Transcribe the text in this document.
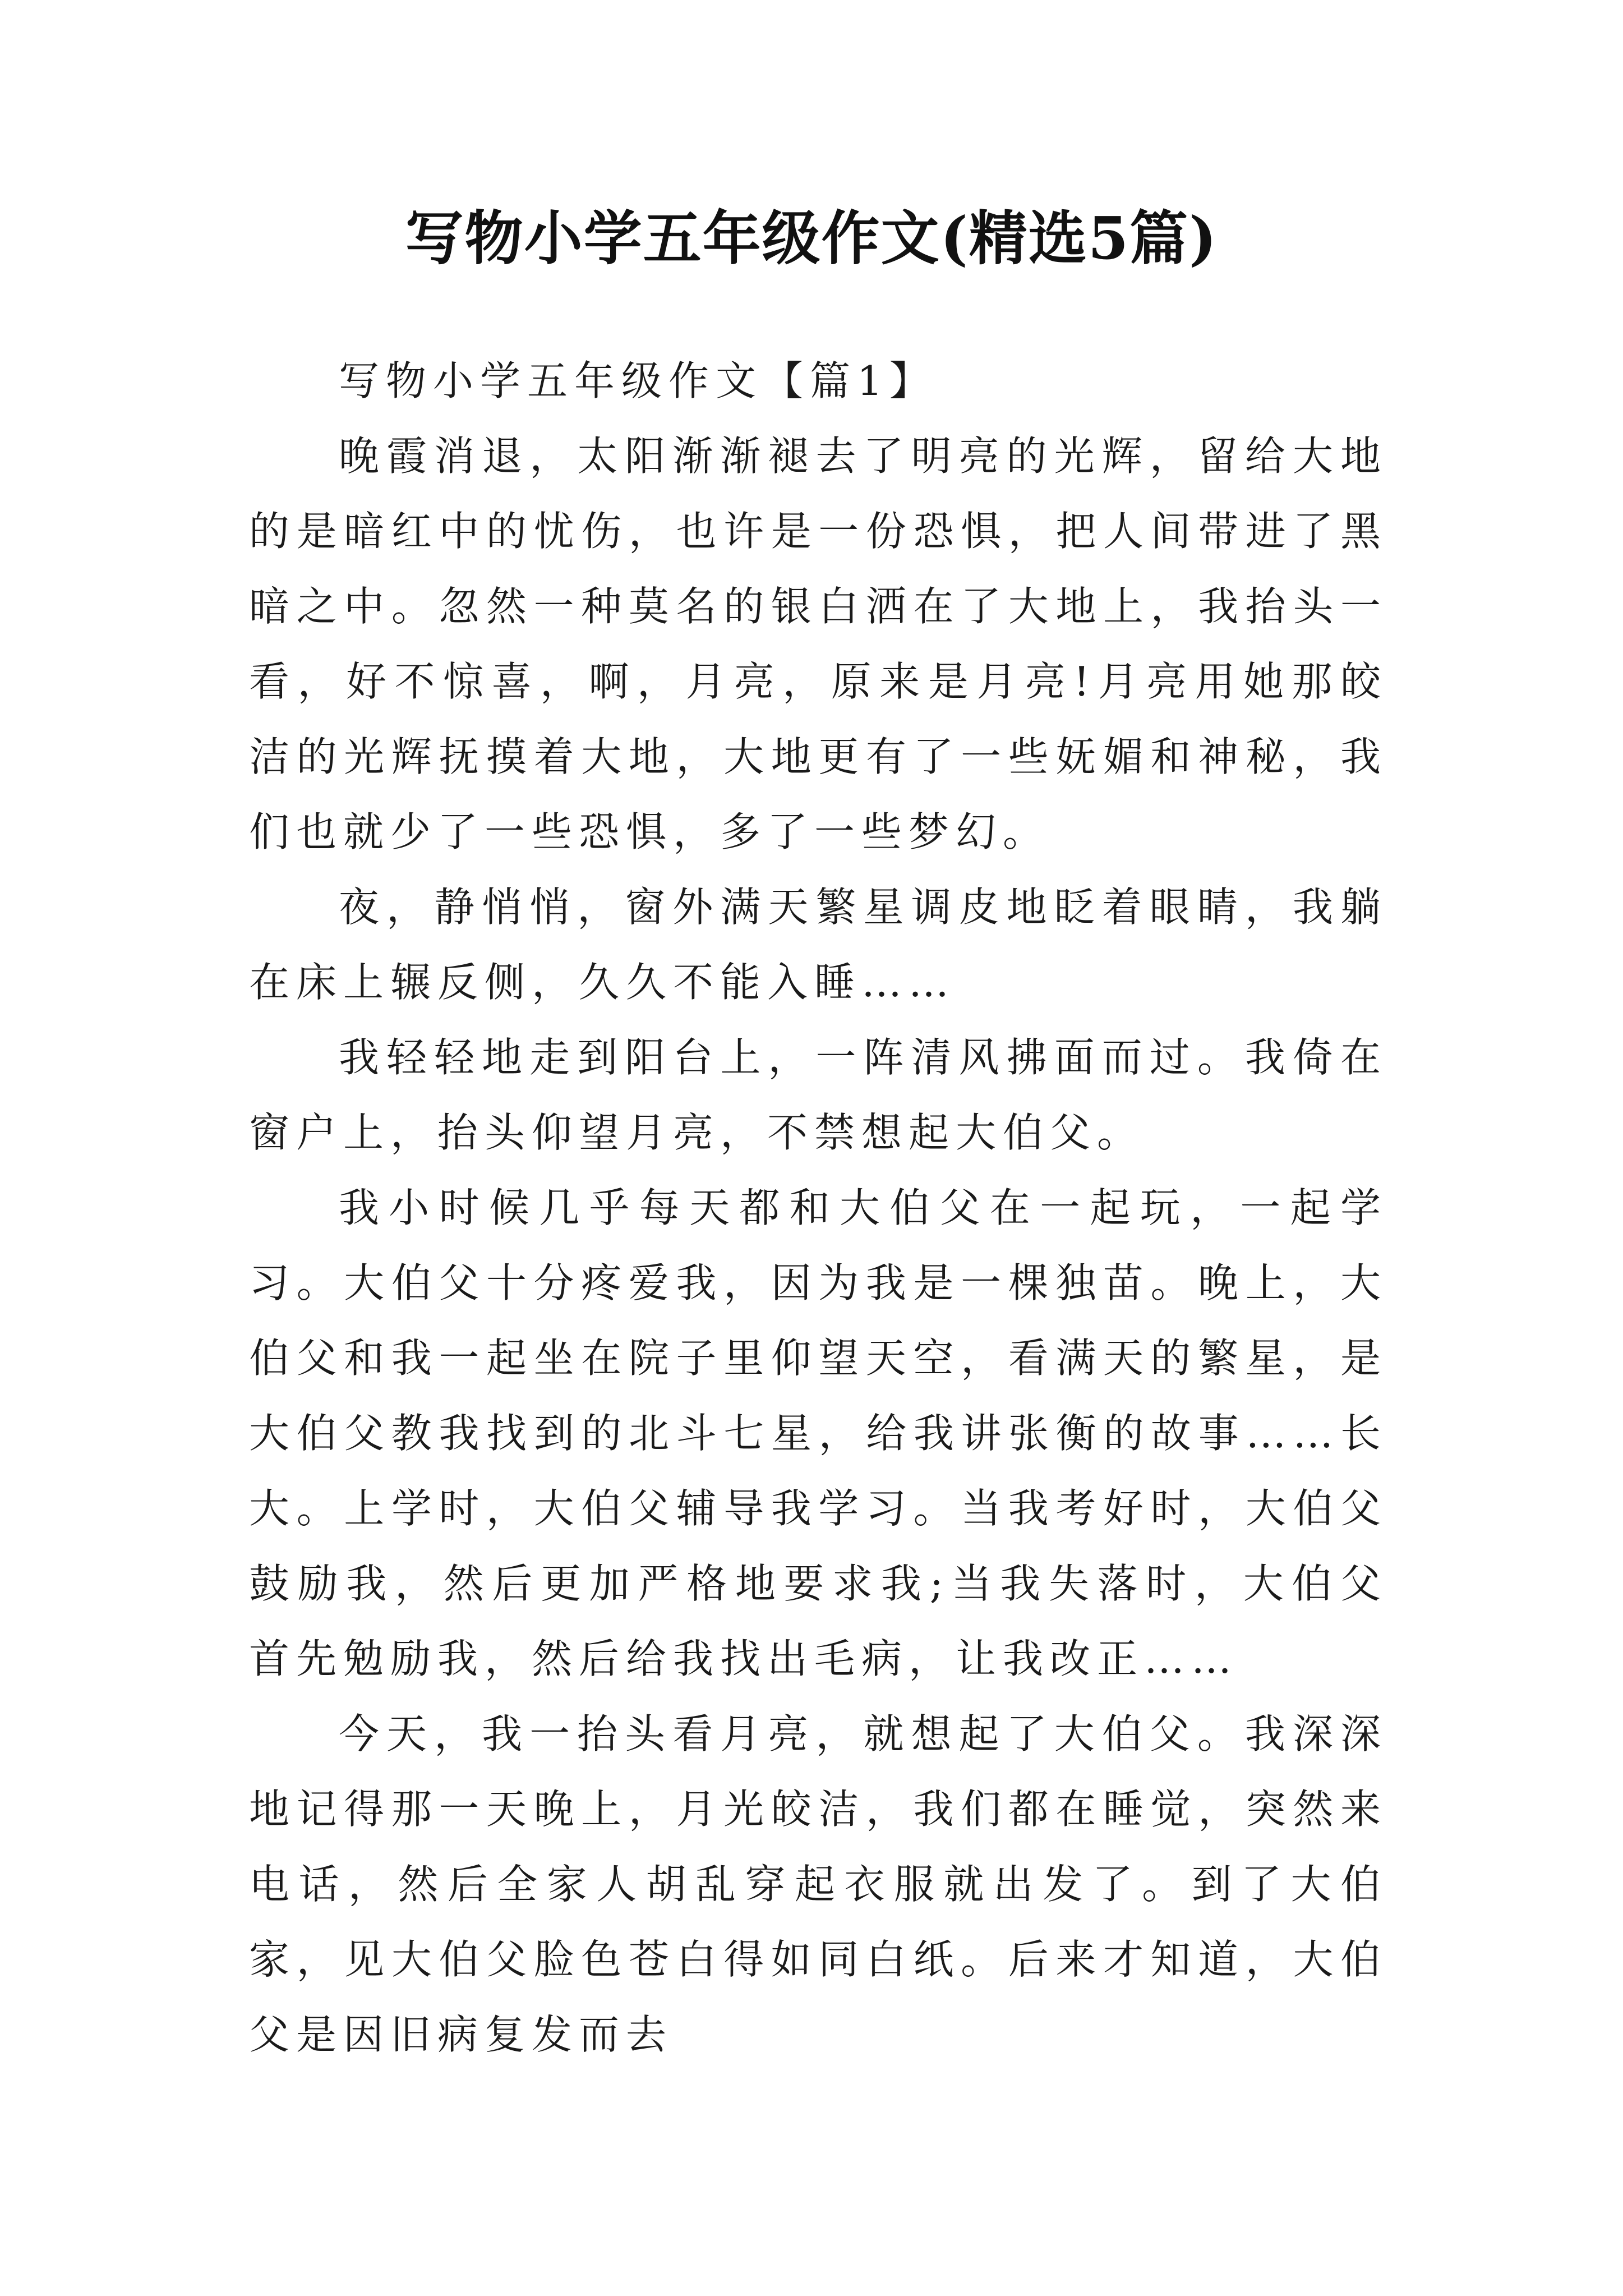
写物小学五年级作文(精选5篇)

写物小学五年级作文【篇1】

晚霞消退，太阳渐渐褪去了明亮的光辉，留给大地的是暗红中的忧伤，也许是一份恐惧，把人间带进了黑暗之中。忽然一种莫名的银白洒在了大地上，我抬头一看，好不惊喜，啊，月亮，原来是月亮!月亮用她那皎洁的光辉抚摸着大地，大地更有了一些妩媚和神秘，我们也就少了一些恐惧，多了一些梦幻。

夜，静悄悄，窗外满天繁星调皮地眨着眼睛，我躺在床上辗反侧，久久不能入睡……

我轻轻地走到阳台上，一阵清风拂面而过。我倚在窗户上，抬头仰望月亮，不禁想起大伯父。

我小时候几乎每天都和大伯父在一起玩，一起学习。大伯父十分疼爱我，因为我是一棵独苗。晚上，大伯父和我一起坐在院子里仰望天空，看满天的繁星，是大伯父教我找到的北斗七星，给我讲张衡的故事……长大。上学时，大伯父辅导我学习。当我考好时，大伯父鼓励我，然后更加严格地要求我;当我失落时，大伯父首先勉励我，然后给我找出毛病，让我改正……

今天，我一抬头看月亮，就想起了大伯父。我深深地记得那一天晚上，月光皎洁，我们都在睡觉，突然来电话，然后全家人胡乱穿起衣服就出发了。到了大伯家，见大伯父脸色苍白得如同白纸。后来才知道，大伯父是因旧病复发而去
